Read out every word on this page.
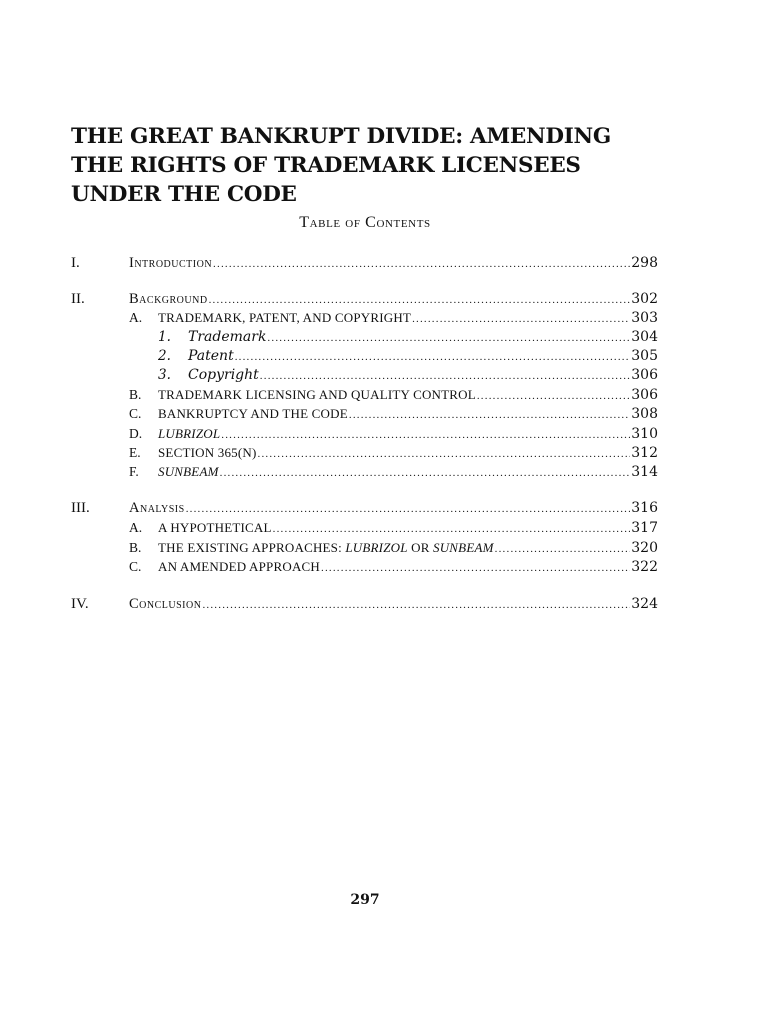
THE GREAT BANKRUPT DIVIDE: AMENDING
THE RIGHTS OF TRADEMARK LICENSEES
UNDER THE CODE
Table of Contents
I.	Introduction .....	298
II.	Background .....	302
A.	TRADEMARK, PATENT, AND COPYRIGHT .....	303
1.	Trademark .....	304
2.	Patent .....	305
3.	Copyright .....	306
B.	TRADEMARK LICENSING AND QUALITY CONTROL .....	306
C.	BANKRUPTCY AND THE CODE .....	308
D.	LUBRIZOL .....	310
E.	SECTION 365(N) .....	312
F.	SUNBEAM .....	314
III.	Analysis .....	316
A.	A HYPOTHETICAL .....	317
B.	THE EXISTING APPROACHES: LUBRIZOL OR SUNBEAM .....	320
C.	AN AMENDED APPROACH .....	322
IV.	Conclusion .....	324
297
